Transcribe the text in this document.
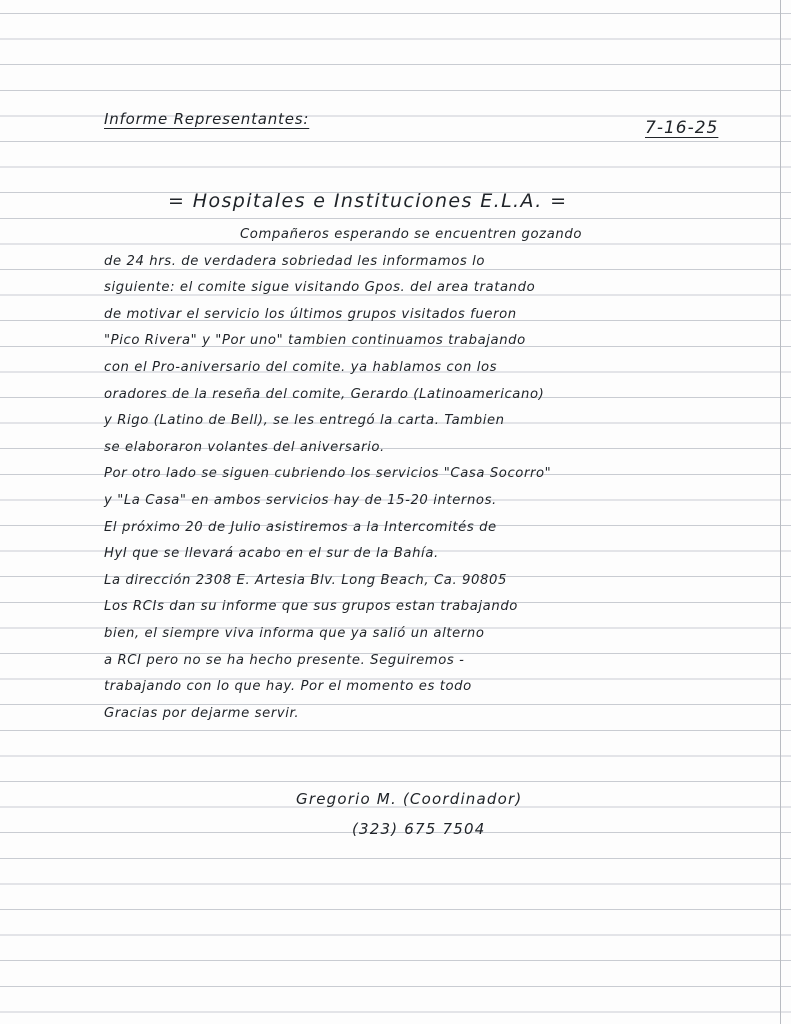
Informe Representantes:	7-16-25
= Hospitales e Instituciones E.L.A. =
Compañeros esperando se encuentren gozando
de 24 hrs. de verdadera sobriedad les informamos lo
siguiente: el comite sigue visitando Gpos. del area tratando
de motivar el servicio los últimos grupos visitados fueron
"Pico Rivera" y "Por uno" tambien continuamos trabajando
con el Pro-aniversario del comite. ya hablamos con los
oradores de la reseña del comite, Gerardo (Latinoamericano)
y Rigo (Latino de Bell), se les entregó la carta. Tambien
se elaboraron volantes del aniversario.
Por otro lado se siguen cubriendo los servicios "Casa Socorro"
y "La Casa" en ambos servicios hay de 15-20 internos.
El próximo 20 de Julio asistiremos a la Intercomités de
HyI que se llevará acabo en el sur de la Bahía.
La dirección 2308 E. Artesia Blv. Long Beach, Ca. 90805
Los RCIs dan su informe que sus grupos estan trabajando
bien, el siempre viva informa que ya salió un alterno
a RCI pero no se ha hecho presente. Seguiremos -
trabajando con lo que hay. Por el momento es todo
Gracias por dejarme servir.
Gregorio M. (Coordinador)
(323) 675 7504
